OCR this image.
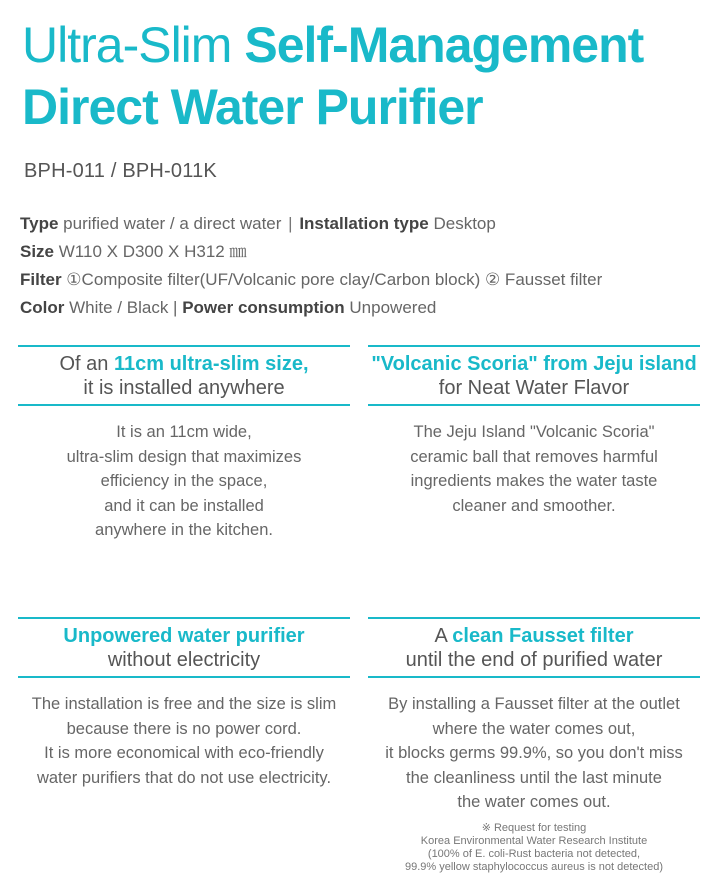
Ultra-Slim Self-Management
Direct Water Purifier
BPH-011 / BPH-011K
Type purified water / a direct water | Installation type Desktop
Size W110 X D300 X H312 ㎜
Filter ①Composite filter(UF/Volcanic pore clay/Carbon block) ② Fausset filter
Color White / Black | Power consumption Unpowered
Of an 11cm ultra-slim size,
it is installed anywhere
It is an 11cm wide,
ultra-slim design that maximizes
efficiency in the space,
and it can be installed
anywhere in the kitchen.
"Volcanic Scoria" from Jeju island
for Neat Water Flavor
The Jeju Island "Volcanic Scoria"
ceramic ball that removes harmful
ingredients makes the water taste
cleaner and smoother.
Unpowered water purifier
without electricity
The installation is free and the size is slim
because there is no power cord.
It is more economical with eco-friendly
water purifiers that do not use electricity.
A clean Fausset filter
until the end of purified water
By installing a Fausset filter at the outlet
where the water comes out,
it blocks germs 99.9%, so you don't miss
the cleanliness until the last minute
the water comes out.
※ Request for testing
Korea Environmental Water Research Institute
(100% of E. coli-Rust bacteria not detected,
99.9% yellow staphylococcus aureus is not detected)
